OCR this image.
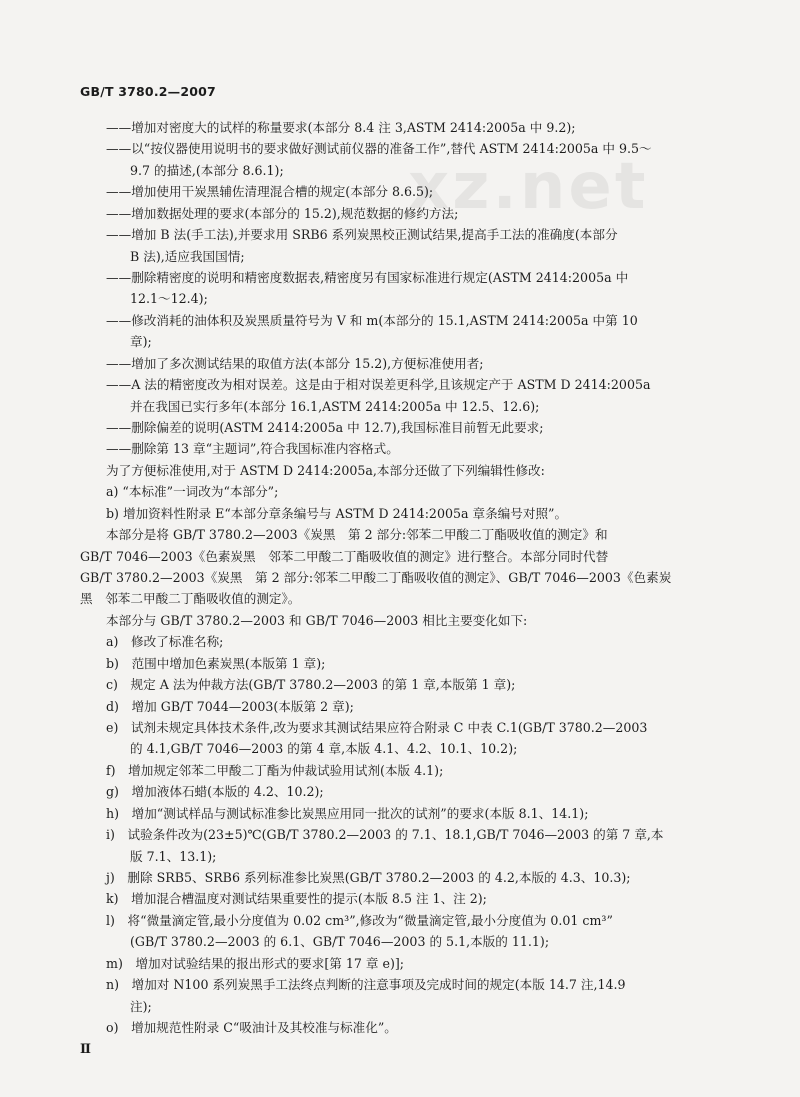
GB/T 3780.2—2007
xz.net
——增加对密度大的试样的称量要求(本部分 8.4 注 3,ASTM 2414:2005a 中 9.2);
——以“按仪器使用说明书的要求做好测试前仪器的准备工作”,替代 ASTM 2414:2005a 中 9.5～
9.7 的描述,(本部分 8.6.1);
——增加使用干炭黑辅佐清理混合槽的规定(本部分 8.6.5);
——增加数据处理的要求(本部分的 15.2),规范数据的修约方法;
——增加 B 法(手工法),并要求用 SRB6 系列炭黑校正测试结果,提高手工法的准确度(本部分
B 法),适应我国国情;
——删除精密度的说明和精密度数据表,精密度另有国家标准进行规定(ASTM 2414:2005a 中
12.1～12.4);
——修改消耗的油体积及炭黑质量符号为 V 和 m(本部分的 15.1,ASTM 2414:2005a 中第 10
章);
——增加了多次测试结果的取值方法(本部分 15.2),方便标准使用者;
——A 法的精密度改为相对误差。这是由于相对误差更科学,且该规定产于 ASTM D 2414:2005a
并在我国已实行多年(本部分 16.1,ASTM 2414:2005a 中 12.5、12.6);
——删除偏差的说明(ASTM 2414:2005a 中 12.7),我国标准目前暂无此要求;
——删除第 13 章“主题词”,符合我国标准内容格式。
为了方便标准使用,对于 ASTM D 2414:2005a,本部分还做了下列编辑性修改:
a) “本标准”一词改为“本部分”;
b) 增加资料性附录 E“本部分章条编号与 ASTM D 2414:2005a 章条编号对照”。
本部分是将 GB/T 3780.2—2003《炭黑　第 2 部分:邻苯二甲酸二丁酯吸收值的测定》和
GB/T 7046—2003《色素炭黑　邻苯二甲酸二丁酯吸收值的测定》进行整合。本部分同时代替
GB/T 3780.2—2003《炭黑　第 2 部分:邻苯二甲酸二丁酯吸收值的测定》、GB/T 7046—2003《色素炭
黑　邻苯二甲酸二丁酯吸收值的测定》。
本部分与 GB/T 3780.2—2003 和 GB/T 7046—2003 相比主要变化如下:
a)　修改了标准名称;
b)　范围中增加色素炭黑(本版第 1 章);
c)　规定 A 法为仲裁方法(GB/T 3780.2—2003 的第 1 章,本版第 1 章);
d)　增加 GB/T 7044—2003(本版第 2 章);
e)　试剂未规定具体技术条件,改为要求其测试结果应符合附录 C 中表 C.1(GB/T 3780.2—2003
的 4.1,GB/T 7046—2003 的第 4 章,本版 4.1、4.2、10.1、10.2);
f)　增加规定邻苯二甲酸二丁酯为仲裁试验用试剂(本版 4.1);
g)　增加液体石蜡(本版的 4.2、10.2);
h)　增加“测试样品与测试标准参比炭黑应用同一批次的试剂”的要求(本版 8.1、14.1);
i)　试验条件改为(23±5)℃(GB/T 3780.2—2003 的 7.1、18.1,GB/T 7046—2003 的第 7 章,本
版 7.1、13.1);
j)　删除 SRB5、SRB6 系列标准参比炭黑(GB/T 3780.2—2003 的 4.2,本版的 4.3、10.3);
k)　增加混合槽温度对测试结果重要性的提示(本版 8.5 注 1、注 2);
l)　将“微量滴定管,最小分度值为 0.02 cm³”,修改为“微量滴定管,最小分度值为 0.01 cm³”
(GB/T 3780.2—2003 的 6.1、GB/T 7046—2003 的 5.1,本版的 11.1);
m)　增加对试验结果的报出形式的要求[第 17 章 e)];
n)　增加对 N100 系列炭黑手工法终点判断的注意事项及完成时间的规定(本版 14.7 注,14.9
注);
o)　增加规范性附录 C“吸油计及其校准与标准化”。
Ⅱ
